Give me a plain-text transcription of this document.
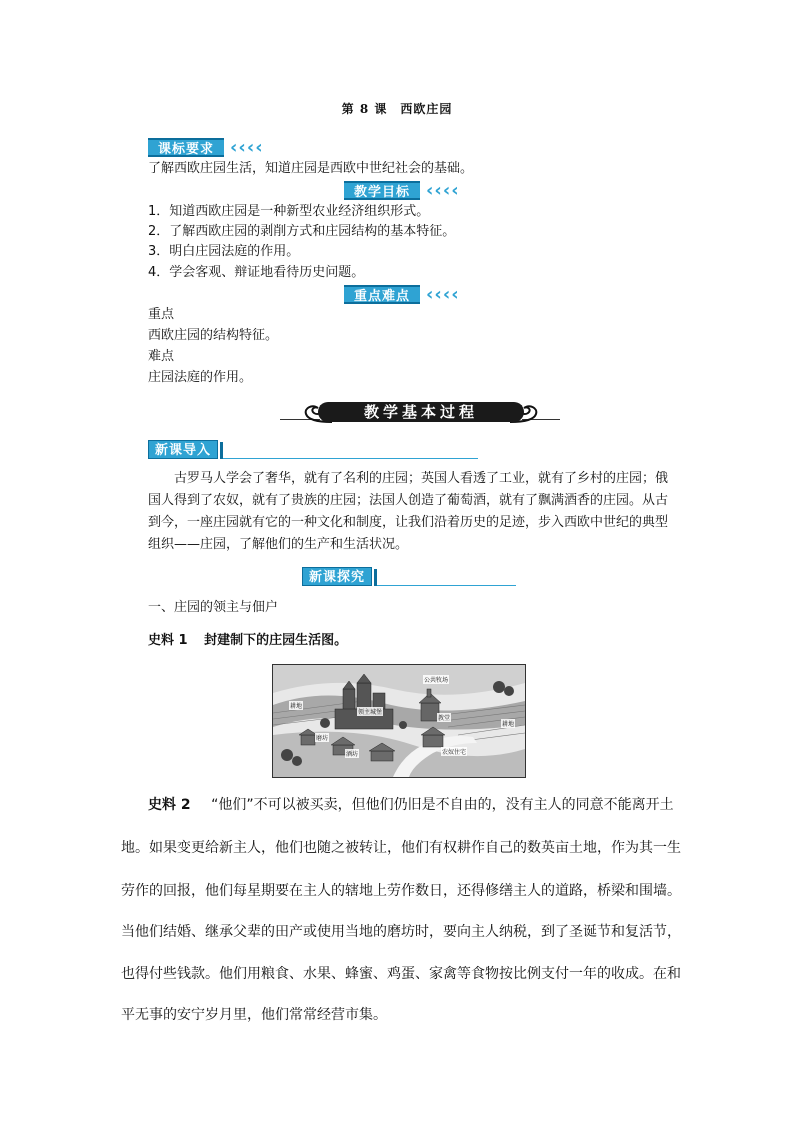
第 8 课　西欧庄园
课标要求 ‹‹‹‹
了解西欧庄园生活，知道庄园是西欧中世纪社会的基础。
教学目标 ‹‹‹‹
1．知道西欧庄园是一种新型农业经济组织形式。
2．了解西欧庄园的剥削方式和庄园结构的基本特征。
3．明白庄园法庭的作用。
4．学会客观、辩证地看待历史问题。
重点难点 ‹‹‹‹
重点
西欧庄园的结构特征。
难点
庄园法庭的作用。
教学基本过程
新课导入
古罗马人学会了奢华，就有了名利的庄园；英国人看透了工业，就有了乡村的庄园；俄
国人得到了农奴，就有了贵族的庄园；法国人创造了葡萄酒，就有了飘满酒香的庄园。从古
到今，一座庄园就有它的一种文化和制度，让我们沿着历史的足迹，步入西欧中世纪的典型
组织——庄园，了解他们的生产和生活状况。
新课探究
一、庄园的领主与佃户
史料 1 封建制下的庄园生活图。
公共牧场
领主城堡
耕地
教堂
耕地
磨坊
酒坊	农奴住宅
史料 2 “他们”不可以被买卖，但他们仍旧是不自由的，没有主人的同意不能离开土
地。如果变更给新主人，他们也随之被转让，他们有权耕作自己的数英亩土地，作为其一生
劳作的回报，他们每星期要在主人的辖地上劳作数日，还得修缮主人的道路，桥梁和围墙。
当他们结婚、继承父辈的田产或使用当地的磨坊时，要向主人纳税，到了圣诞节和复活节，
也得付些钱款。他们用粮食、水果、蜂蜜、鸡蛋、家禽等食物按比例支付一年的收成。在和
平无事的安宁岁月里，他们常常经营市集。
